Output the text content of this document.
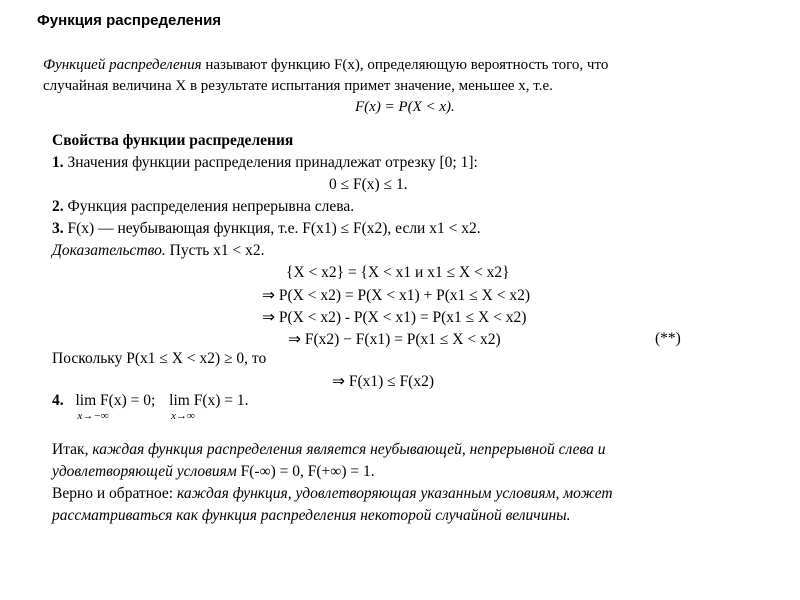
Функция распределения
Функцией распределения называют функцию F(x), определяющую вероятность того, что
случайная величина X в результате испытания примет значение, меньшее x, т.е.
F(x) = P(X < x).
Свойства функции распределения
1. Значения функции распределения принадлежат отрезку [0; 1]:
0 ≤ F(x) ≤ 1.
2. Функция распределения непрерывна слева.
3. F(x) — неубывающая функция, т.е. F(x1) ≤ F(x2), если x1 < x2.
Доказательство. Пусть x1 < x2.
{X < x2} = {X < x1 и x1 ≤ X < x2}
⇒ P(X < x2) = P(X < x1) + P(x1 ≤ X < x2)
⇒ P(X < x2) - P(X < x1) = P(x1 ≤ X < x2)
⇒ F(x2) − F(x1) = P(x1 ≤ X < x2)	(**)
Поскольку P(x1 ≤ X < x2) ≥ 0, то
⇒ F(x1) ≤ F(x2)
4. lim F(x) = 0;
x→−∞
lim F(x) = 1.
x→∞
Итак, каждая функция распределения является неубывающей, непрерывной слева и
удовлетворяющей условиям F(-∞) = 0, F(+∞) = 1.
Верно и обратное: каждая функция, удовлетворяющая указанным условиям, может
рассматриваться как функция распределения некоторой случайной величины.
